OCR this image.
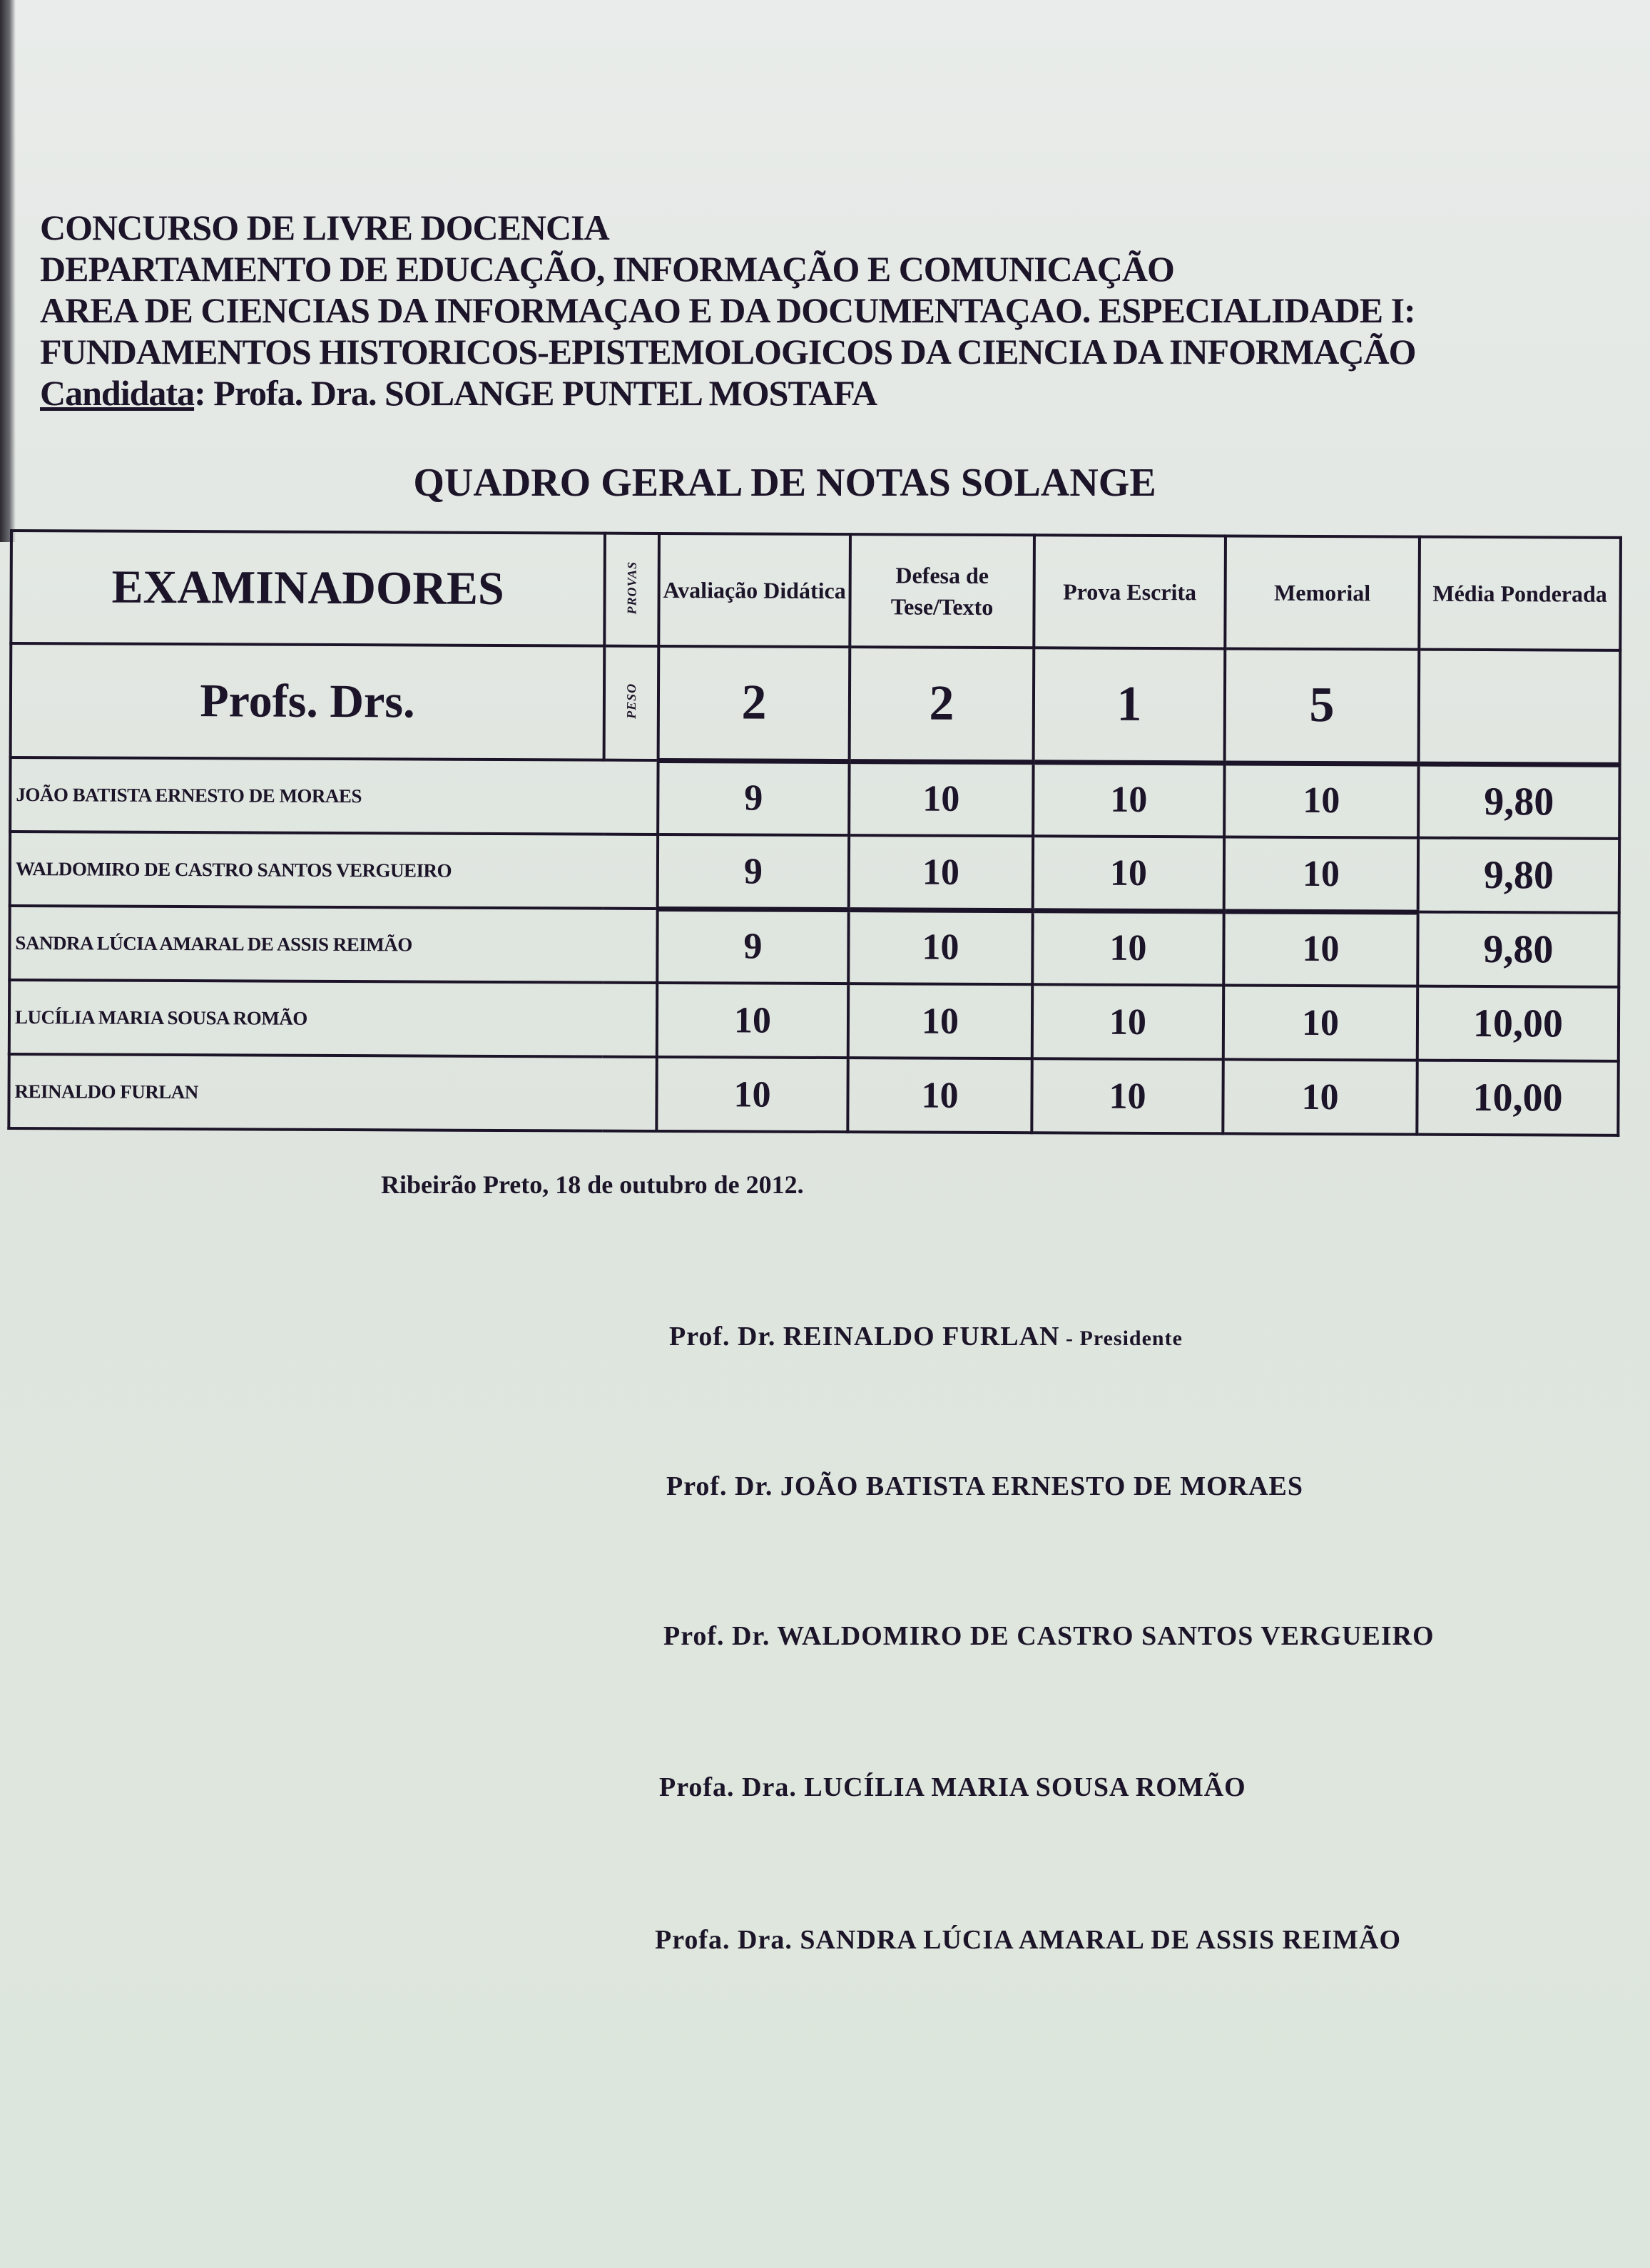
CONCURSO DE LIVRE DOCENCIA
DEPARTAMENTO DE EDUCAÇÃO, INFORMAÇÃO E COMUNICAÇÃO
AREA DE CIENCIAS DA INFORMAÇAO E DA DOCUMENTAÇAO. ESPECIALIDADE I:
FUNDAMENTOS HISTORICOS-EPISTEMOLOGICOS DA CIENCIA DA INFORMAÇÃO
Candidata: Profa. Dra. SOLANGE PUNTEL MOSTAFA
QUADRO GERAL DE NOTAS SOLANGE
EXAMINADORES	PROVAS	Avaliação Didática	Defesa de Tese/Texto	Prova Escrita	Memorial	Média Ponderada
Profs. Drs.	PESO	2	2	1	5	
JOÃO BATISTA ERNESTO DE MORAES		9	10	10	10	9,80
WALDOMIRO DE CASTRO SANTOS VERGUEIRO		9	10	10	10	9,80
SANDRA LÚCIA AMARAL DE ASSIS REIMÃO		9	10	10	10	9,80
LUCÍLIA MARIA SOUSA ROMÃO		10	10	10	10	10,00
REINALDO FURLAN		10	10	10	10	10,00
Ribeirão Preto, 18 de outubro de 2012.
Prof. Dr. REINALDO FURLAN - Presidente
Prof. Dr. JOÃO BATISTA ERNESTO DE MORAES
Prof. Dr. WALDOMIRO DE CASTRO SANTOS VERGUEIRO
Profa. Dra. LUCÍLIA MARIA SOUSA ROMÃO
Profa. Dra. SANDRA LÚCIA AMARAL DE ASSIS REIMÃO
